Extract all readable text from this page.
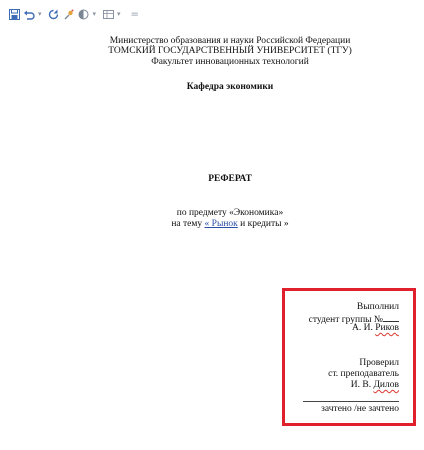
▾	▾	▾ =
Министерство образования и науки Российской Федерации
ТОМСКИЙ ГОСУДАРСТВЕННЫЙ УНИВЕРСИТЕТ (ТГУ)
Факультет инновационных технологий
Кафедра экономики
РЕФЕРАТ
по предмету «Экономика»
на тему « Рынок и кредиты »
Выполнил
студент группы №
А. И. Риков
Проверил
ст. преподаватель
И. В. Дилов
зачтено /не зачтено
